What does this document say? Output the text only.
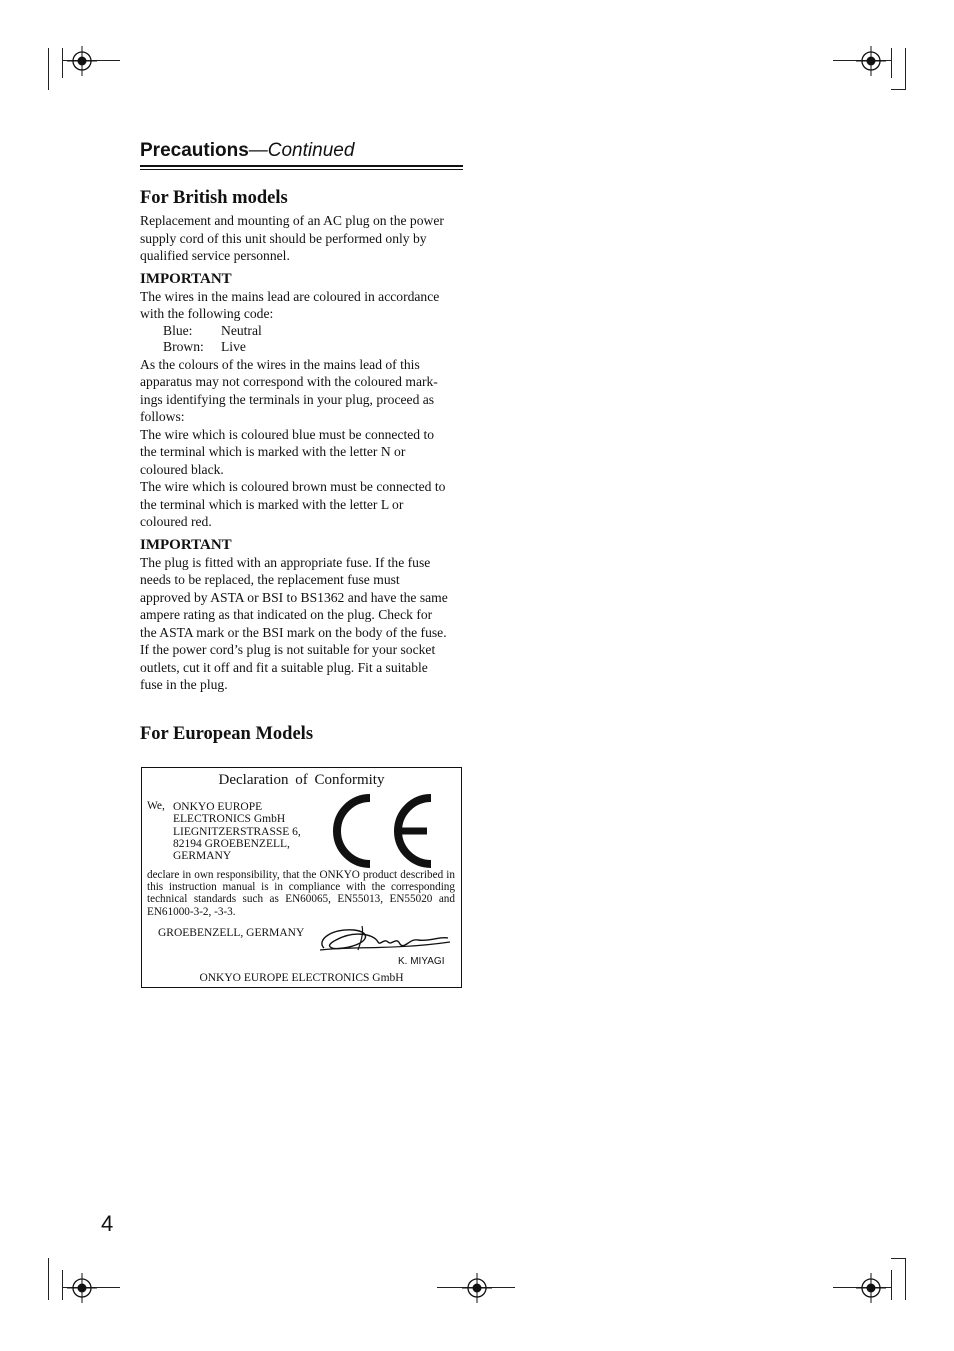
Precautions—Continued
For British models
Replacement and mounting of an AC plug on the power
supply cord of this unit should be performed only by
qualified service personnel.
IMPORTANT
The wires in the mains lead are coloured in accordance
with the following code:
Blue: Neutral
Brown: Live
As the colours of the wires in the mains lead of this
apparatus may not correspond with the coloured mark-
ings identifying the terminals in your plug, proceed as
follows:
The wire which is coloured blue must be connected to
the terminal which is marked with the letter N or
coloured black.
The wire which is coloured brown must be connected to
the terminal which is marked with the letter L or
coloured red.
IMPORTANT
The plug is fitted with an appropriate fuse. If the fuse
needs to be replaced, the replacement fuse must
approved by ASTA or BSI to BS1362 and have the same
ampere rating as that indicated on the plug. Check for
the ASTA mark or the BSI mark on the body of the fuse.
If the power cord’s plug is not suitable for your socket
outlets, cut it off and fit a suitable plug. Fit a suitable
fuse in the plug.
For European Models
Declaration of Conformity
We, ONKYO EUROPE
ELECTRONICS GmbH
LIEGNITZERSTRASSE 6,
82194 GROEBENZELL,
GERMANY
declare in own responsibility, that the ONKYO product described in this instruction manual is in compliance with the corresponding technical standards such as EN60065, EN55013, EN55020 and EN61000-3-2, -3-3.
GROEBENZELL, GERMANY
K. MIYAGI
ONKYO EUROPE ELECTRONICS GmbH
4
